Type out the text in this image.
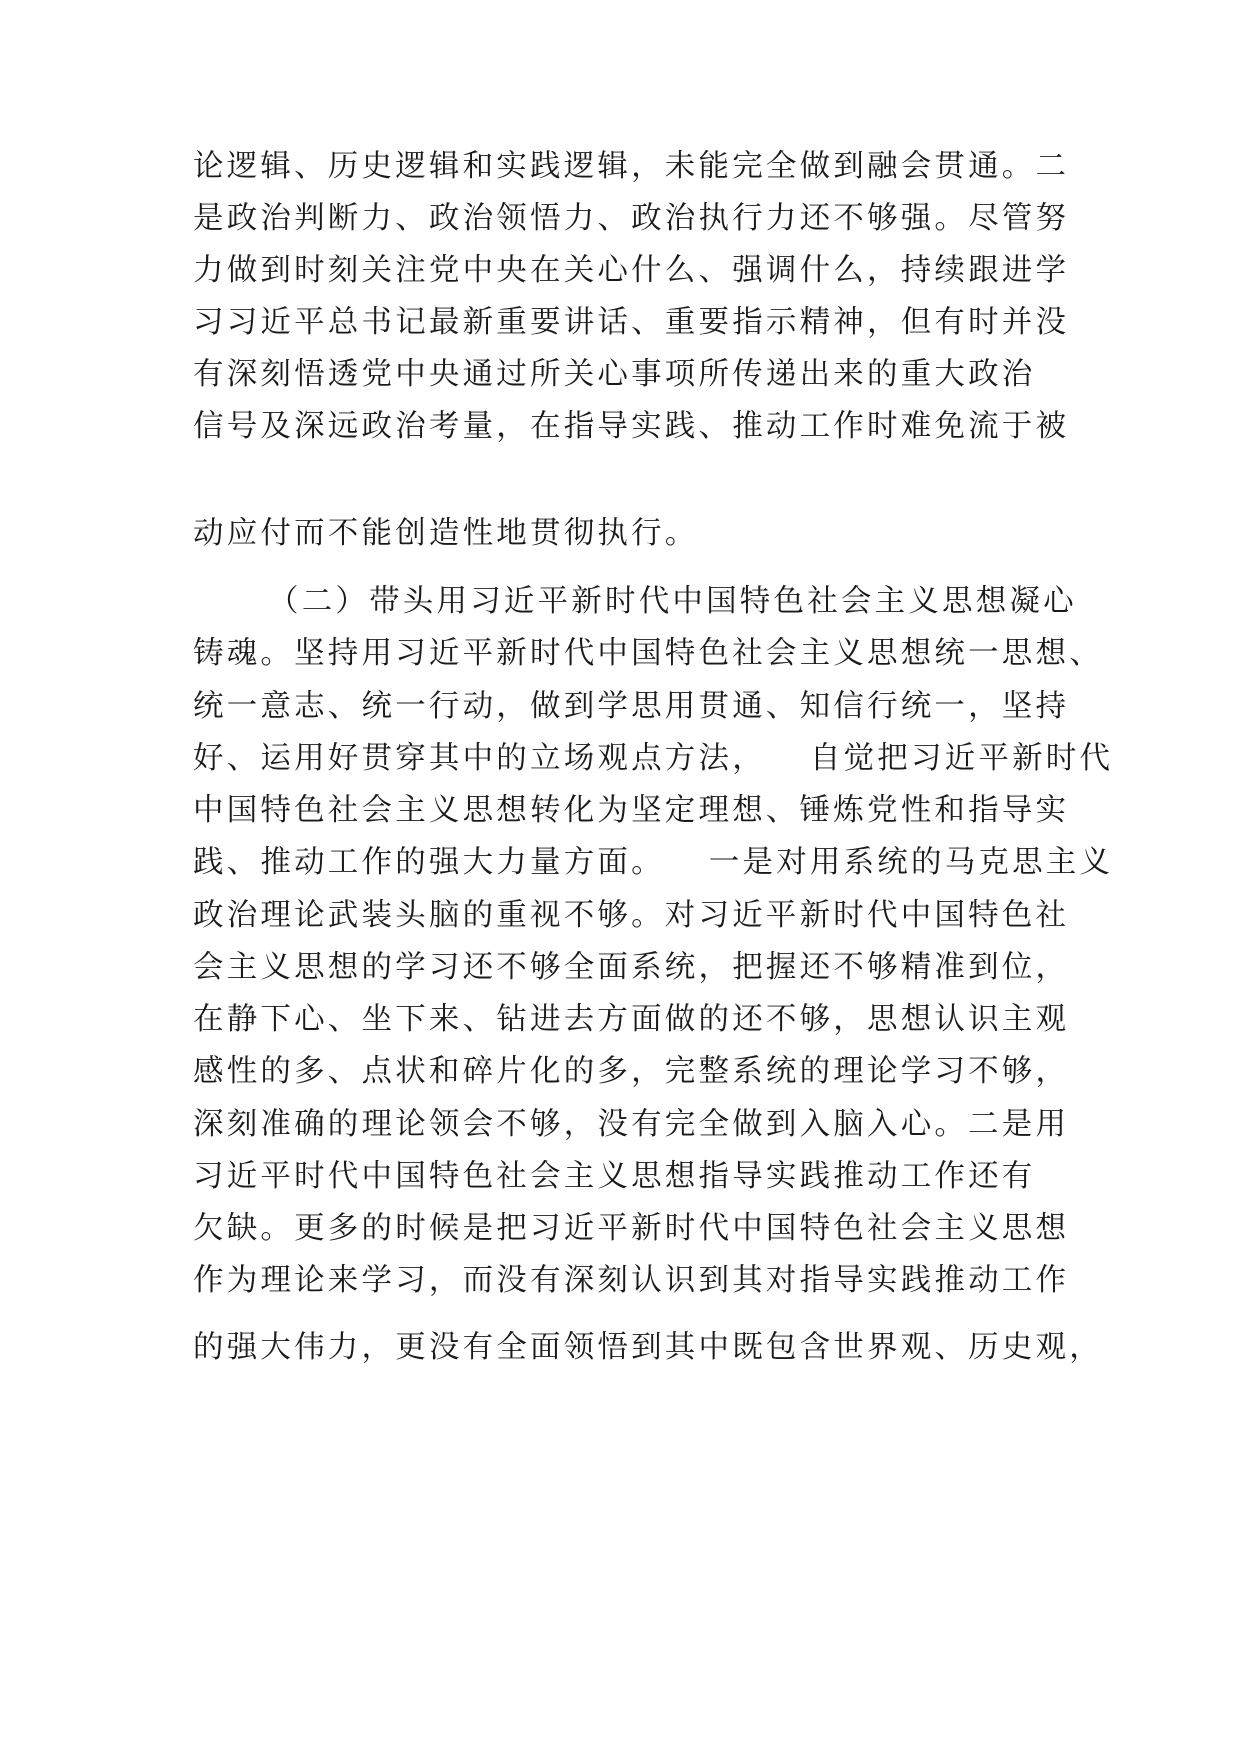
论逻辑、历史逻辑和实践逻辑，未能完全做到融会贯通。二
是政治判断力、政治领悟力、政治执行力还不够强。尽管努
力做到时刻关注党中央在关心什么、强调什么，持续跟进学
习习近平总书记最新重要讲话、重要指示精神，但有时并没
有深刻悟透党中央通过所关心事项所传递出来的重大政治
信号及深远政治考量，在指导实践、推动工作时难免流于被
动应付而不能创造性地贯彻执行。
（二）带头用习近平新时代中国特色社会主义思想凝心
铸魂。坚持用习近平新时代中国特色社会主义思想统一思想、
统一意志、统一行动，做到学思用贯通、知信行统一，坚持
好、运用好贯穿其中的立场观点方法， 自觉把习近平新时代
中国特色社会主义思想转化为坚定理想、锤炼党性和指导实
践、推动工作的强大力量方面。 一是对用系统的马克思主义
政治理论武装头脑的重视不够。对习近平新时代中国特色社
会主义思想的学习还不够全面系统，把握还不够精准到位，
在静下心、坐下来、钻进去方面做的还不够，思想认识主观
感性的多、点状和碎片化的多，完整系统的理论学习不够，
深刻准确的理论领会不够，没有完全做到入脑入心。二是用
习近平时代中国特色社会主义思想指导实践推动工作还有
欠缺。更多的时候是把习近平新时代中国特色社会主义思想
作为理论来学习，而没有深刻认识到其对指导实践推动工作
的强大伟力，更没有全面领悟到其中既包含世界观、历史观，
